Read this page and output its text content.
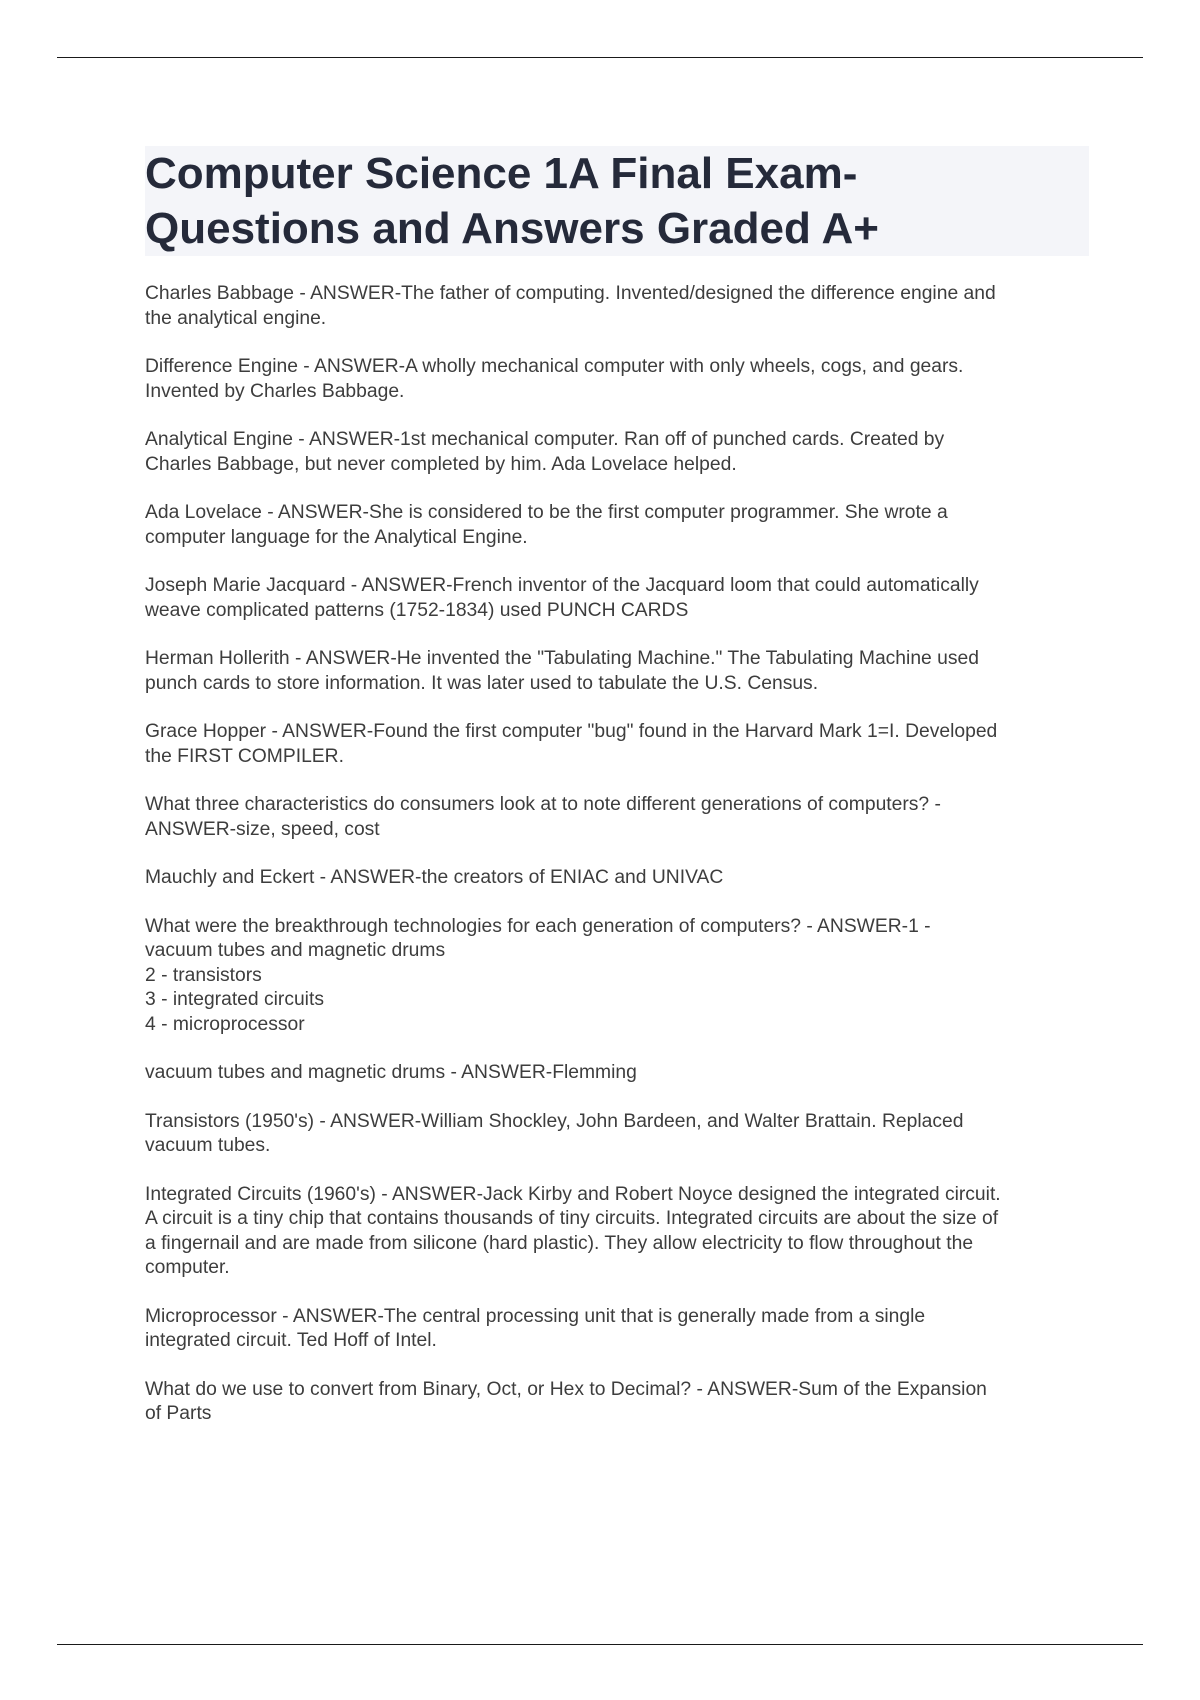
Computer Science 1A Final Exam-
Questions and Answers Graded A+
Charles Babbage - ANSWER-The father of computing. Invented/designed the difference engine and
the analytical engine.
Difference Engine - ANSWER-A wholly mechanical computer with only wheels, cogs, and gears.
Invented by Charles Babbage.
Analytical Engine - ANSWER-1st mechanical computer. Ran off of punched cards. Created by
Charles Babbage, but never completed by him. Ada Lovelace helped.
Ada Lovelace - ANSWER-She is considered to be the first computer programmer. She wrote a
computer language for the Analytical Engine.
Joseph Marie Jacquard - ANSWER-French inventor of the Jacquard loom that could automatically
weave complicated patterns (1752-1834) used PUNCH CARDS
Herman Hollerith - ANSWER-He invented the "Tabulating Machine." The Tabulating Machine used
punch cards to store information. It was later used to tabulate the U.S. Census.
Grace Hopper - ANSWER-Found the first computer "bug" found in the Harvard Mark 1=I. Developed
the FIRST COMPILER.
What three characteristics do consumers look at to note different generations of computers? -
ANSWER-size, speed, cost
Mauchly and Eckert - ANSWER-the creators of ENIAC and UNIVAC
What were the breakthrough technologies for each generation of computers? - ANSWER-1 -
vacuum tubes and magnetic drums
2 - transistors
3 - integrated circuits
4 - microprocessor
vacuum tubes and magnetic drums - ANSWER-Flemming
Transistors (1950's) - ANSWER-William Shockley, John Bardeen, and Walter Brattain. Replaced
vacuum tubes.
Integrated Circuits (1960's) - ANSWER-Jack Kirby and Robert Noyce designed the integrated circuit.
A circuit is a tiny chip that contains thousands of tiny circuits. Integrated circuits are about the size of
a fingernail and are made from silicone (hard plastic). They allow electricity to flow throughout the
computer.
Microprocessor - ANSWER-The central processing unit that is generally made from a single
integrated circuit. Ted Hoff of Intel.
What do we use to convert from Binary, Oct, or Hex to Decimal? - ANSWER-Sum of the Expansion
of Parts
